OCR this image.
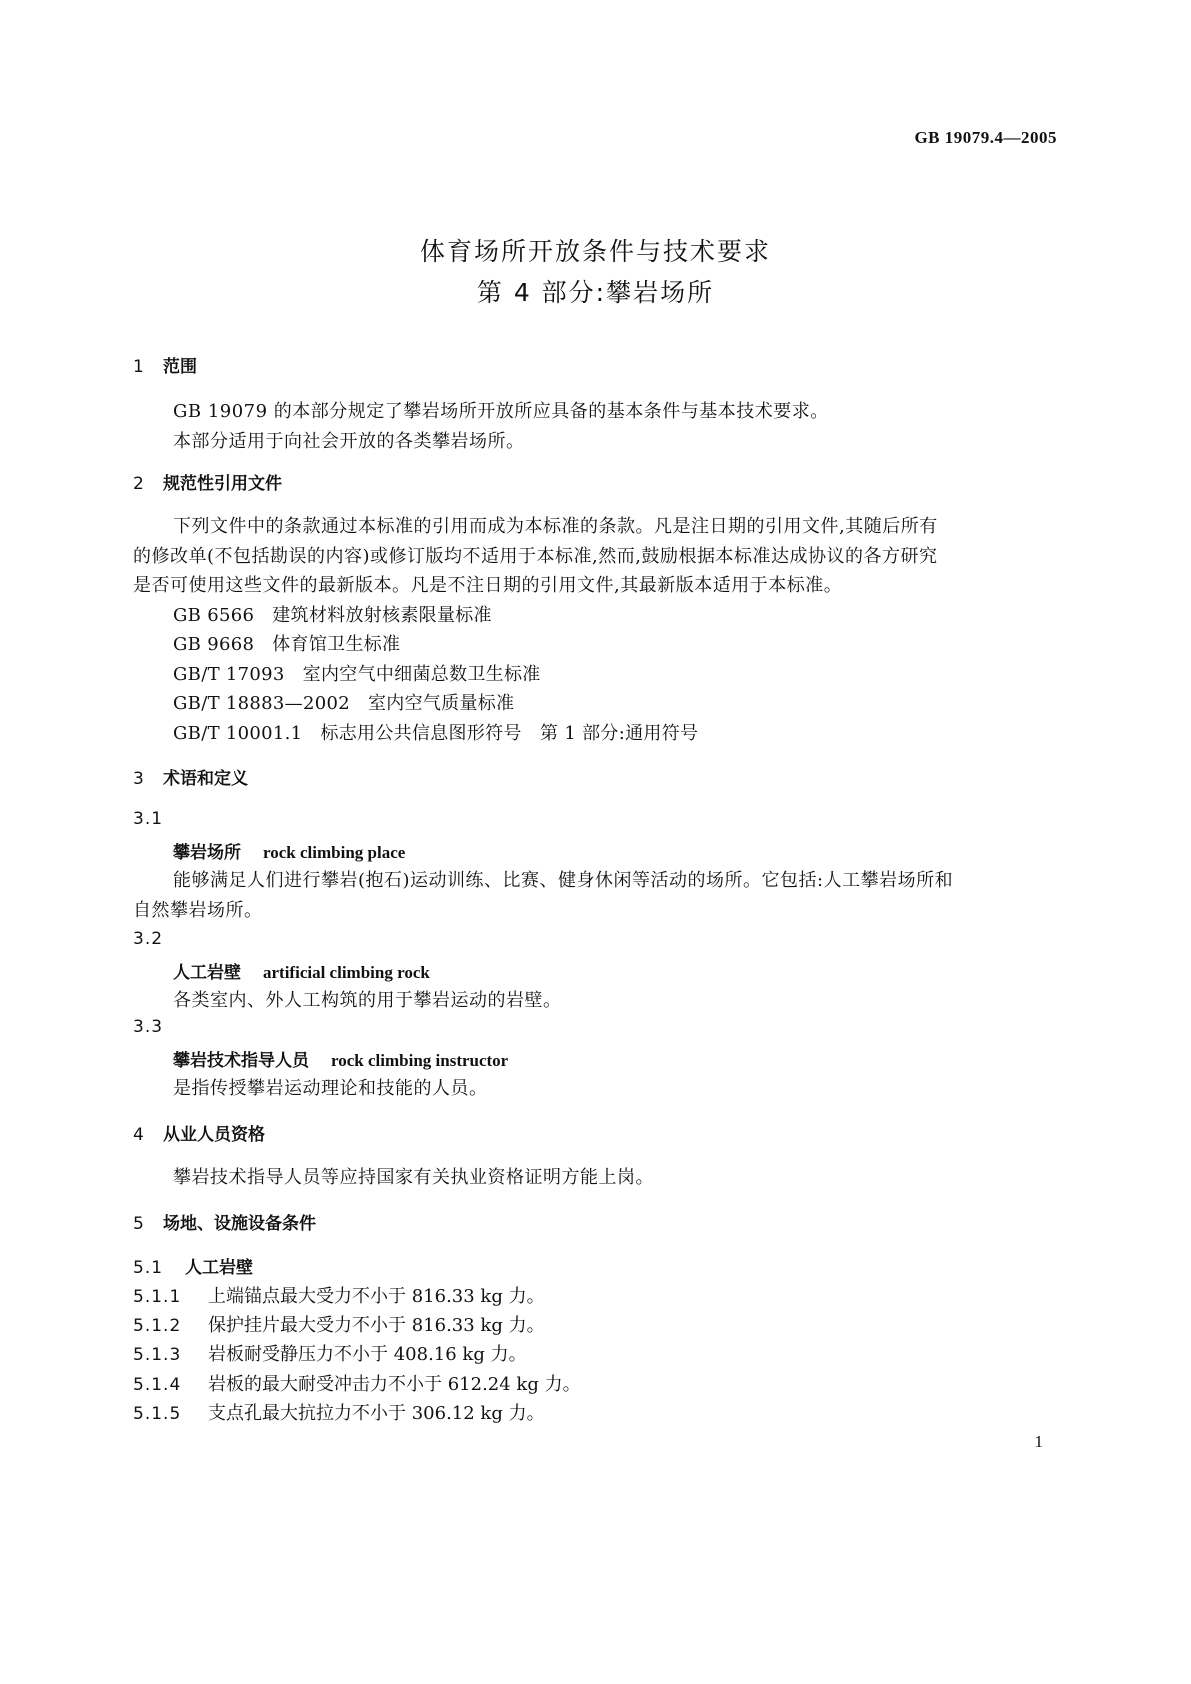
GB 19079.4—2005
体育场所开放条件与技术要求
第 4 部分:攀岩场所
1 范围
GB 19079 的本部分规定了攀岩场所开放所应具备的基本条件与基本技术要求。
本部分适用于向社会开放的各类攀岩场所。
2 规范性引用文件
下列文件中的条款通过本标准的引用而成为本标准的条款。凡是注日期的引用文件,其随后所有
的修改单(不包括勘误的内容)或修订版均不适用于本标准,然而,鼓励根据本标准达成协议的各方研究
是否可使用这些文件的最新版本。凡是不注日期的引用文件,其最新版本适用于本标准。
GB 6566 建筑材料放射核素限量标准
GB 9668 体育馆卫生标准
GB/T 17093 室内空气中细菌总数卫生标准
GB/T 18883—2002 室内空气质量标准
GB/T 10001.1 标志用公共信息图形符号　第 1 部分:通用符号
3 术语和定义
3.1
攀岩场所 rock climbing place
能够满足人们进行攀岩(抱石)运动训练、比赛、健身休闲等活动的场所。它包括:人工攀岩场所和
自然攀岩场所。
3.2
人工岩壁 artificial climbing rock
各类室内、外人工构筑的用于攀岩运动的岩壁。
3.3
攀岩技术指导人员 rock climbing instructor
是指传授攀岩运动理论和技能的人员。
4 从业人员资格
攀岩技术指导人员等应持国家有关执业资格证明方能上岗。
5 场地、设施设备条件
5.1 人工岩壁
5.1.1 上端锚点最大受力不小于 816.33 kg 力。
5.1.2 保护挂片最大受力不小于 816.33 kg 力。
5.1.3 岩板耐受静压力不小于 408.16 kg 力。
5.1.4 岩板的最大耐受冲击力不小于 612.24 kg 力。
5.1.5 支点孔最大抗拉力不小于 306.12 kg 力。
1
